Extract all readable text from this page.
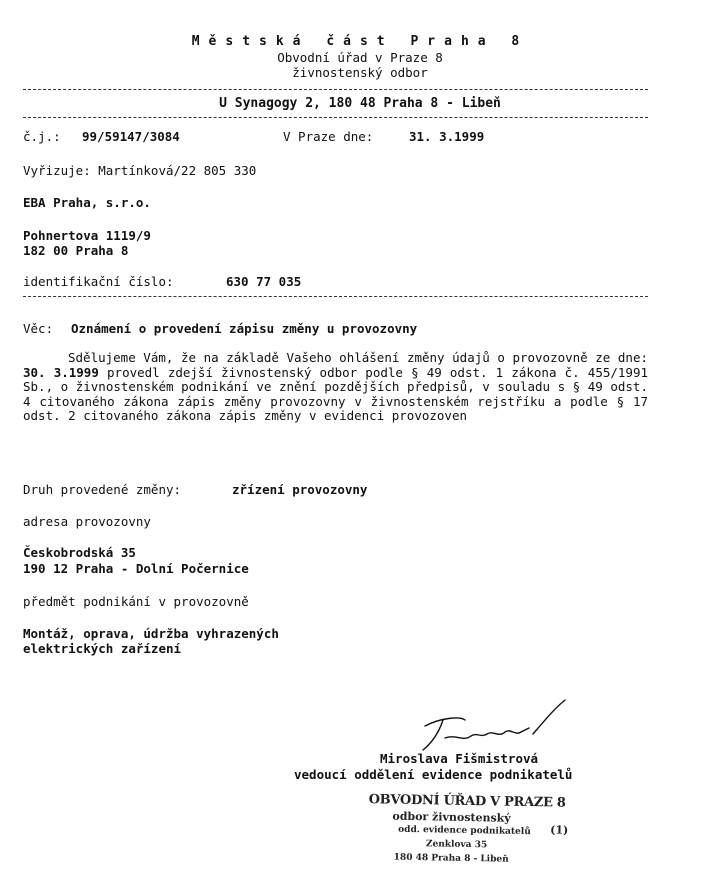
Městská část Praha 8
Obvodní úřad v Praze 8
živnostenský odbor
U Synagogy 2, 180 48 Praha 8 - Libeň
č.j.: 99/59147/3084	V Praze dne:	31. 3.1999
Vyřizuje: Martínková/22 805 330
EBA Praha, s.r.o.
Pohnertova 1119/9
182 00 Praha 8
identifikační číslo:	630 77 035
Věc: Oznámení o provedení zápisu změny u provozovny
Sdělujeme Vám, že na základě Vašeho ohlášení změny údajů o provozovně ze dne: 30. 3.1999 provedl zdejší živnostenský odbor podle § 49 odst. 1 zákona č. 455/1991 Sb., o živnostenském podnikání ve znění pozdějších předpisů, v souladu s § 49 odst. 4 citovaného zákona zápis změny provozovny v živnostenském rejstříku a podle § 17 odst. 2 citovaného zákona zápis změny v evidenci provozoven
Druh provedené změny:	zřízení provozovny
adresa provozovny
Českobrodská 35
190 12 Praha - Dolní Počernice
předmět podnikání v provozovně
Montáž, oprava, údržba vyhrazených
elektrických zařízení
Miroslava Fišmistrová
vedoucí oddělení evidence podnikatelů
OBVODNÍ ÚŘAD V PRAZE 8
odbor živnostenský
odd. evidence podnikatelů (1)
Zenklova 35
180 48 Praha 8 - Libeň
